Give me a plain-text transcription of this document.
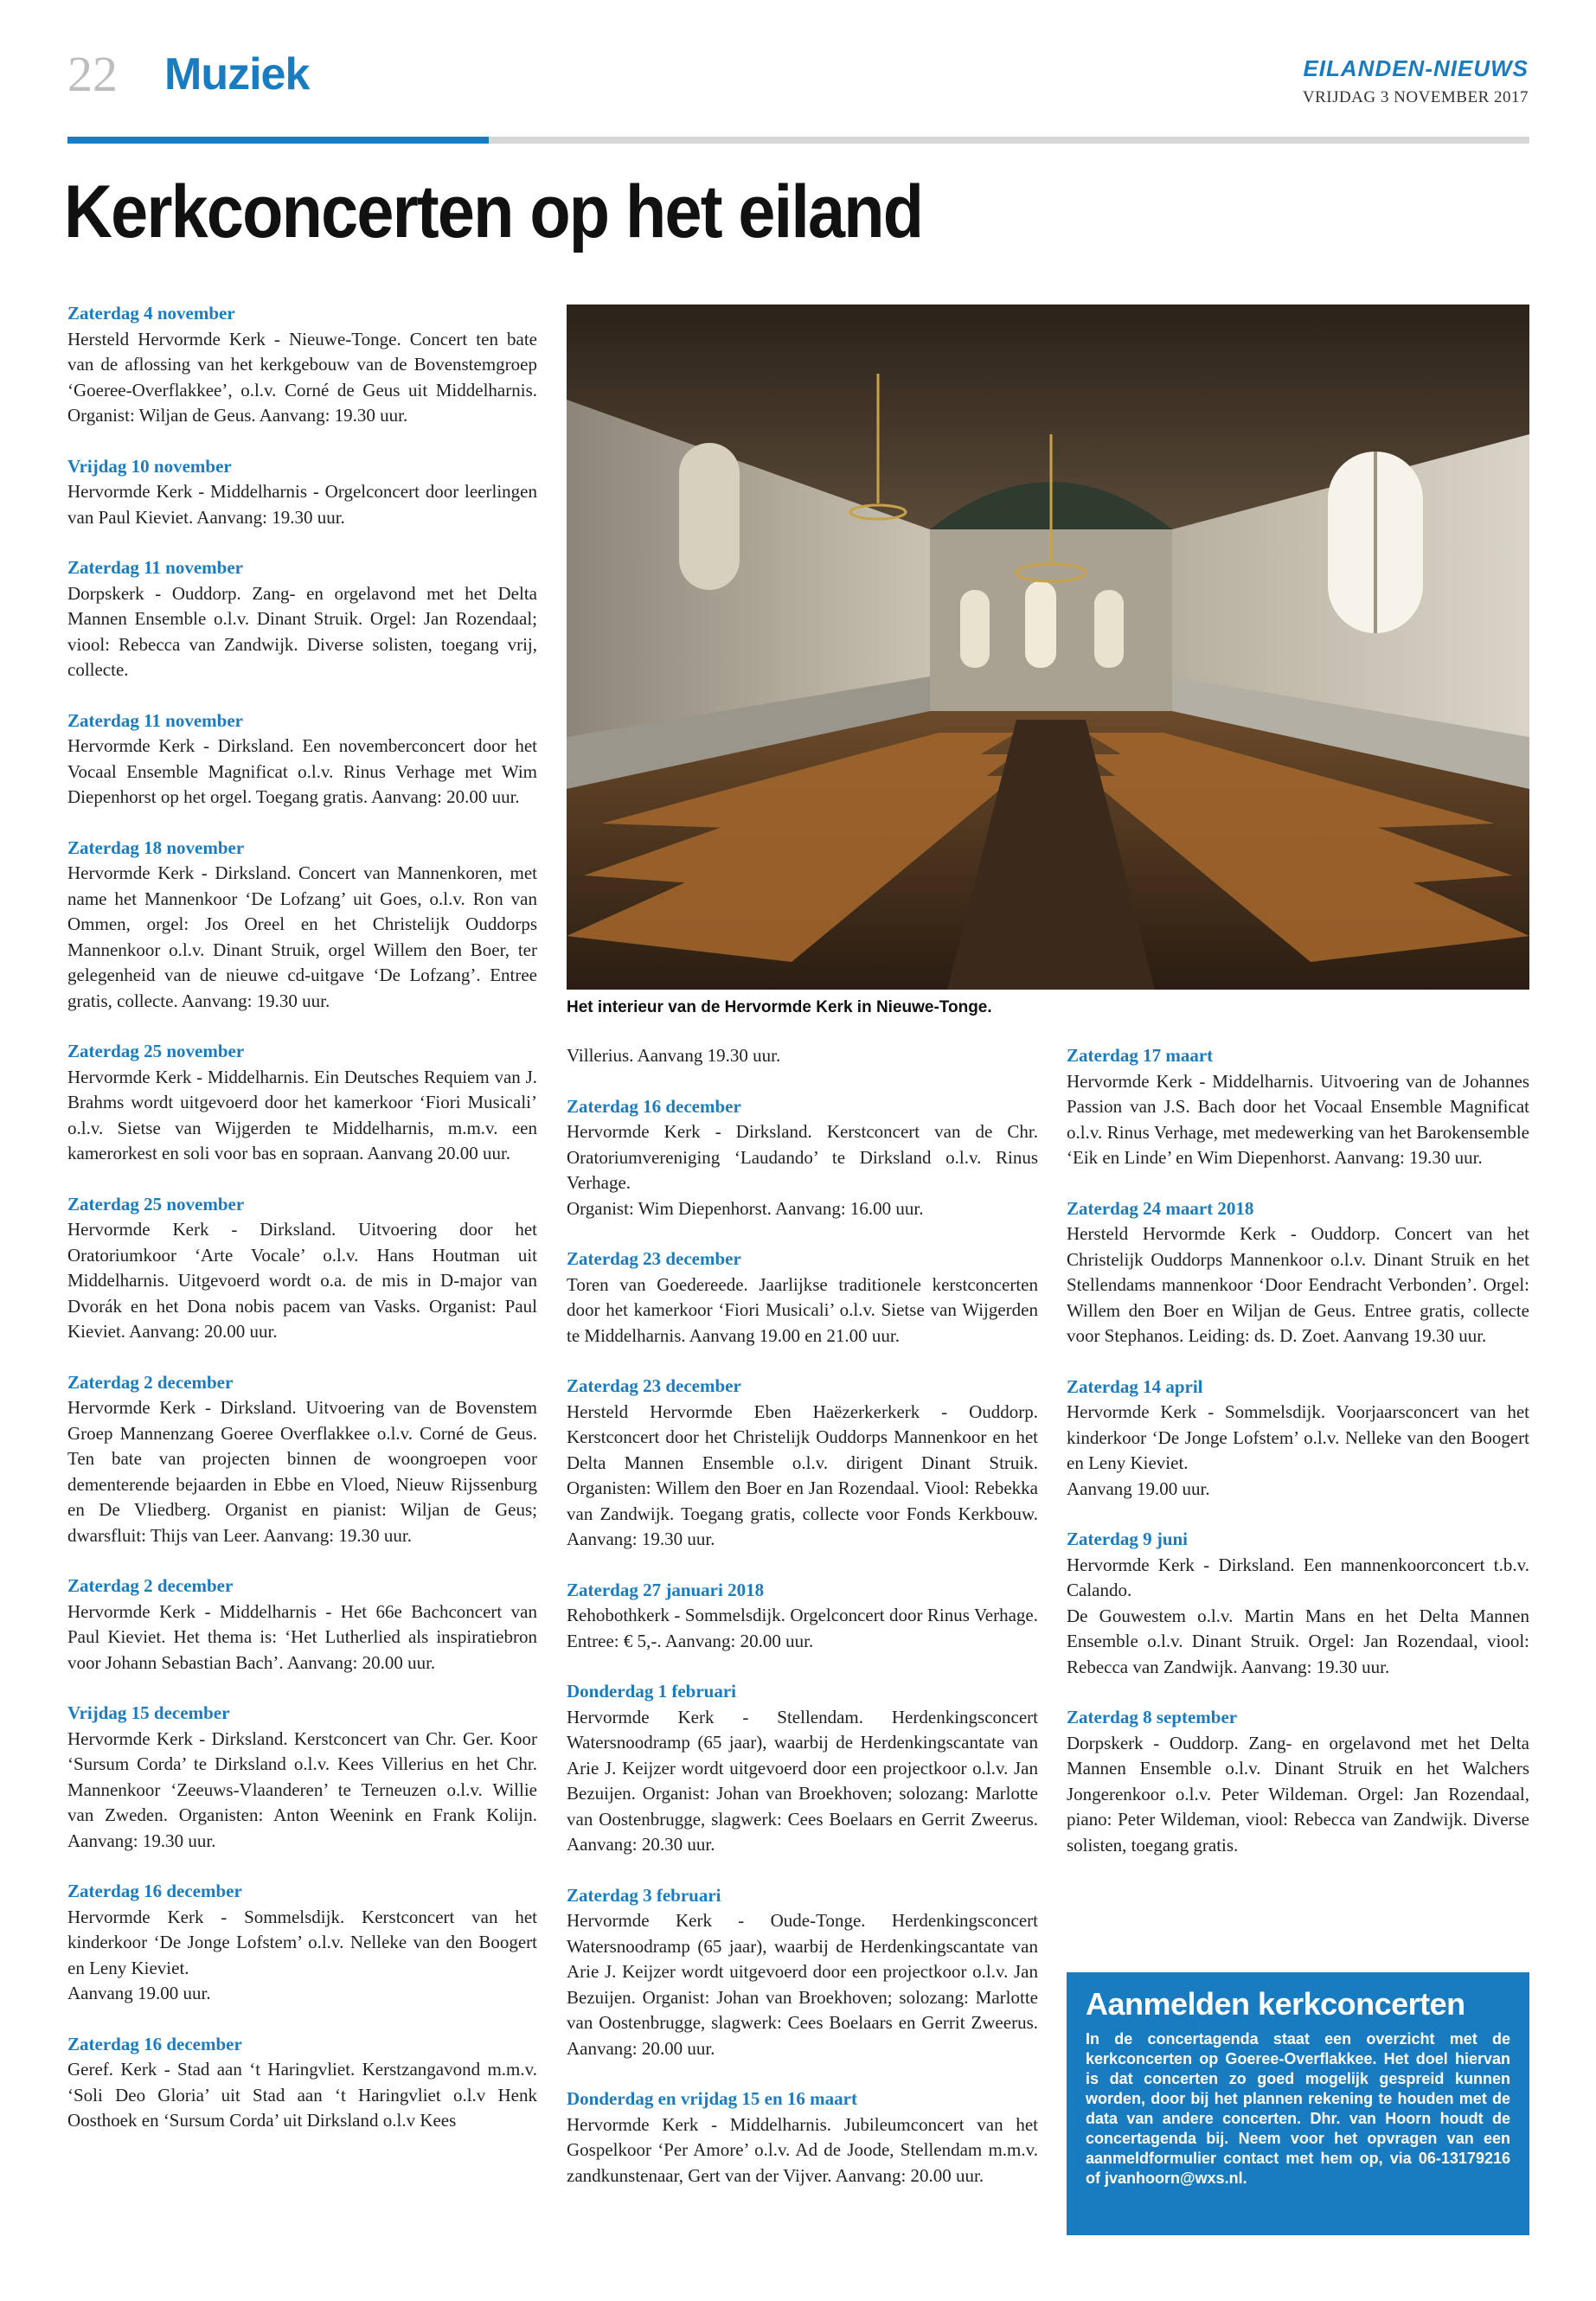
22 Muziek	EILANDEN-NIEUWS
VRIJDAG 3 NOVEMBER 2017
Kerkconcerten op het eiland
Het interieur van de Hervormde Kerk in Nieuwe-Tonge.
Zaterdag 4 november

Hersteld Hervormde Kerk - Nieuwe-Tonge. Concert ten bate van de aflossing van het kerkgebouw van de Bovenstemgroep ‘Goeree-Overflakkee’, o.l.v. Corné de Geus uit Middelharnis. Organist: Wiljan de Geus. Aanvang: 19.30 uur.

Vrijdag 10 november

Hervormde Kerk - Middelharnis - Orgelconcert door leerlingen van Paul Kieviet. Aanvang: 19.30 uur.

Zaterdag 11 november

Dorpskerk - Ouddorp. Zang- en orgelavond met het Delta Mannen Ensemble o.l.v. Dinant Struik. Orgel: Jan Rozendaal; viool: Rebecca van Zandwijk. Diverse solisten, toegang vrij, collecte.

Zaterdag 11 november

Hervormde Kerk - Dirksland. Een novemberconcert door het Vocaal Ensemble Magnificat o.l.v. Rinus Verhage met Wim Diepenhorst op het orgel. Toegang gratis. Aanvang: 20.00 uur.

Zaterdag 18 november

Hervormde Kerk - Dirksland. Concert van Mannenkoren, met name het Mannenkoor ‘De Lofzang’ uit Goes, o.l.v. Ron van Ommen, orgel: Jos Oreel en het Christelijk Ouddorps Mannenkoor o.l.v. Dinant Struik, orgel Willem den Boer, ter gelegenheid van de nieuwe cd-uitgave ‘De Lofzang’. Entree gratis, collecte. Aanvang: 19.30 uur.

Zaterdag 25 november

Hervormde Kerk - Middelharnis. Ein Deutsches Requiem van J. Brahms wordt uitgevoerd door het kamerkoor ‘Fiori Musicali’ o.l.v. Sietse van Wijgerden te Middelharnis, m.m.v. een kamerorkest en soli voor bas en sopraan. Aanvang 20.00 uur.

Zaterdag 25 november

Hervormde Kerk - Dirksland. Uitvoering door het Oratoriumkoor ‘Arte Vocale’ o.l.v. Hans Houtman uit Middelharnis. Uitgevoerd wordt o.a. de mis in D-major van Dvorák en het Dona nobis pacem van Vasks. Organist: Paul Kieviet. Aanvang: 20.00 uur.

Zaterdag 2 december

Hervormde Kerk - Dirksland. Uitvoering van de Bovenstem Groep Mannenzang Goeree Overflakkee o.l.v. Corné de Geus. Ten bate van projecten binnen de woongroepen voor dementerende bejaarden in Ebbe en Vloed, Nieuw Rijssenburg en De Vliedberg. Organist en pianist: Wiljan de Geus; dwarsfluit: Thijs van Leer. Aanvang: 19.30 uur.

Zaterdag 2 december

Hervormde Kerk - Middelharnis - Het 66e Bachconcert van Paul Kieviet. Het thema is: ‘Het Lutherlied als inspiratiebron voor Johann Sebastian Bach’. Aanvang: 20.00 uur.

Vrijdag 15 december

Hervormde Kerk - Dirksland. Kerstconcert van Chr. Ger. Koor ‘Sursum Corda’ te Dirksland o.l.v. Kees Villerius en het Chr. Mannenkoor ‘Zeeuws-Vlaanderen’ te Terneuzen o.l.v. Willie van Zweden. Organisten: Anton Weenink en Frank Kolijn. Aanvang: 19.30 uur.

Zaterdag 16 december

Hervormde Kerk - Sommelsdijk. Kerstconcert van het kinderkoor ‘De Jonge Lofstem’ o.l.v. Nelleke van den Boogert en Leny Kieviet.

Aanvang 19.00 uur.

Zaterdag 16 december

Geref. Kerk - Stad aan ‘t Haringvliet. Kerstzangavond m.m.v. ‘Soli Deo Gloria’ uit Stad aan ‘t Haringvliet o.l.v Henk Oosthoek en ‘Sursum Corda’ uit Dirksland o.l.v Kees

Villerius. Aanvang 19.30 uur.

Zaterdag 16 december

Hervormde Kerk - Dirksland. Kerstconcert van de Chr. Oratoriumvereniging ‘Laudando’ te Dirksland o.l.v. Rinus Verhage.

Organist: Wim Diepenhorst. Aanvang: 16.00 uur.

Zaterdag 23 december

Toren van Goedereede. Jaarlijkse traditionele kerstconcerten door het kamerkoor ‘Fiori Musicali’ o.l.v. Sietse van Wijgerden te Middelharnis. Aanvang 19.00 en 21.00 uur.

Zaterdag 23 december

Hersteld Hervormde Eben Haëzerkerkerk - Ouddorp. Kerstconcert door het Christelijk Ouddorps Mannenkoor en het Delta Mannen Ensemble o.l.v. dirigent Dinant Struik. Organisten: Willem den Boer en Jan Rozendaal. Viool: Rebekka van Zandwijk. Toegang gratis, collecte voor Fonds Kerkbouw. Aanvang: 19.30 uur.

Zaterdag 27 januari 2018

Rehobothkerk - Sommelsdijk. Orgelconcert door Rinus Verhage. Entree: € 5,-. Aanvang: 20.00 uur.

Donderdag 1 februari

Hervormde Kerk - Stellendam. Herdenkingsconcert Watersnoodramp (65 jaar), waarbij de Herdenkingscantate van Arie J. Keijzer wordt uitgevoerd door een projectkoor o.l.v. Jan Bezuijen. Organist: Johan van Broekhoven; solozang: Marlotte van Oostenbrugge, slagwerk: Cees Boelaars en Gerrit Zweerus. Aanvang: 20.30 uur.

Zaterdag 3 februari

Hervormde Kerk - Oude-Tonge. Herdenkingsconcert Watersnoodramp (65 jaar), waarbij de Herdenkingscantate van Arie J. Keijzer wordt uitgevoerd door een projectkoor o.l.v. Jan Bezuijen. Organist: Johan van Broekhoven; solozang: Marlotte van Oostenbrugge, slagwerk: Cees Boelaars en Gerrit Zweerus. Aanvang: 20.00 uur.

Donderdag en vrijdag 15 en 16 maart

Hervormde Kerk - Middelharnis. Jubileumconcert van het Gospelkoor ‘Per Amore’ o.l.v. Ad de Joode, Stellendam m.m.v. zandkunstenaar, Gert van der Vijver. Aanvang: 20.00 uur.

Zaterdag 17 maart

Hervormde Kerk - Middelharnis. Uitvoering van de Johannes Passion van J.S. Bach door het Vocaal Ensemble Magnificat o.l.v. Rinus Verhage, met medewerking van het Barokensemble ‘Eik en Linde’ en Wim Diepenhorst. Aanvang: 19.30 uur.

Zaterdag 24 maart 2018

Hersteld Hervormde Kerk - Ouddorp. Concert van het Christelijk Ouddorps Mannenkoor o.l.v. Dinant Struik en het Stellendams mannenkoor ‘Door Eendracht Verbonden’. Orgel: Willem den Boer en Wiljan de Geus. Entree gratis, collecte voor Stephanos. Leiding: ds. D. Zoet. Aanvang 19.30 uur.

Zaterdag 14 april

Hervormde Kerk - Sommelsdijk. Voorjaarsconcert van het kinderkoor ‘De Jonge Lofstem’ o.l.v. Nelleke van den Boogert en Leny Kieviet.

Aanvang 19.00 uur.

Zaterdag 9 juni

Hervormde Kerk - Dirksland. Een mannenkoorconcert t.b.v. Calando.

De Gouwestem o.l.v. Martin Mans en het Delta Mannen Ensemble o.l.v. Dinant Struik. Orgel: Jan Rozendaal, viool: Rebecca van Zandwijk. Aanvang: 19.30 uur.

Zaterdag 8 september

Dorpskerk - Ouddorp. Zang- en orgelavond met het Delta Mannen Ensemble o.l.v. Dinant Struik en het Walchers Jongerenkoor o.l.v. Peter Wildeman. Orgel: Jan Rozendaal, piano: Peter Wildeman, viool: Rebecca van Zandwijk. Diverse solisten, toegang gratis.

Aanmelden kerkconcerten

In de concertagenda staat een overzicht met de kerkconcerten op Goeree-Overflakkee. Het doel hiervan is dat concerten zo goed mogelijk gespreid kunnen worden, door bij het plannen rekening te houden met de data van andere concerten. Dhr. van Hoorn houdt de concertagenda bij. Neem voor het opvragen van een aanmeldformulier contact met hem op, via 06-13179216 of jvanhoorn@wxs.nl.
